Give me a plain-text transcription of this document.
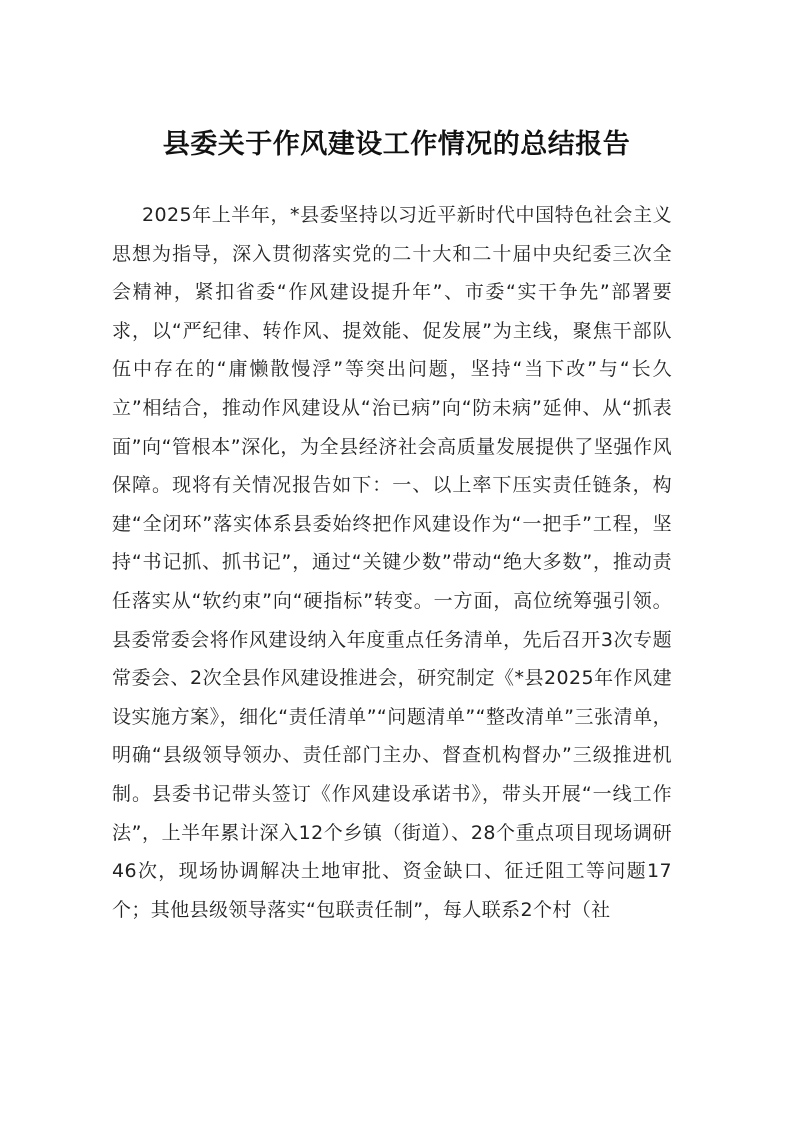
县委关于作风建设工作情况的总结报告

2025年上半年，*县委坚持以习近平新时代中国特色社会主义思想为指导，深入贯彻落实党的二十大和二十届中央纪委三次全会精神，紧扣省委“作风建设提升年”、市委“实干争先”部署要求，以“严纪律、转作风、提效能、促发展”为主线，聚焦干部队伍中存在的“庸懒散慢浮”等突出问题，坚持“当下改”与“长久立”相结合，推动作风建设从“治已病”向“防未病”延伸、从“抓表面”向“管根本”深化，为全县经济社会高质量发展提供了坚强作风保障。现将有关情况报告如下：一、以上率下压实责任链条，构建“全闭环”落实体系县委始终把作风建设作为“一把手”工程，坚持“书记抓、抓书记”，通过“关键少数”带动“绝大多数”，推动责任落实从“软约束”向“硬指标”转变。一方面，高位统筹强引领。县委常委会将作风建设纳入年度重点任务清单，先后召开3次专题常委会、2次全县作风建设推进会，研究制定《*县2025年作风建设实施方案》，细化“责任清单”“问题清单”“整改清单”三张清单，明确“县级领导领办、责任部门主办、督查机构督办”三级推进机制。县委书记带头签订《作风建设承诺书》，带头开展“一线工作法”，上半年累计深入12个乡镇（街道）、28个重点项目现场调研46次，现场协调解决土地审批、资金缺口、征迁阻工等问题17个；其他县级领导落实“包联责任制”，每人联系2个村（社
